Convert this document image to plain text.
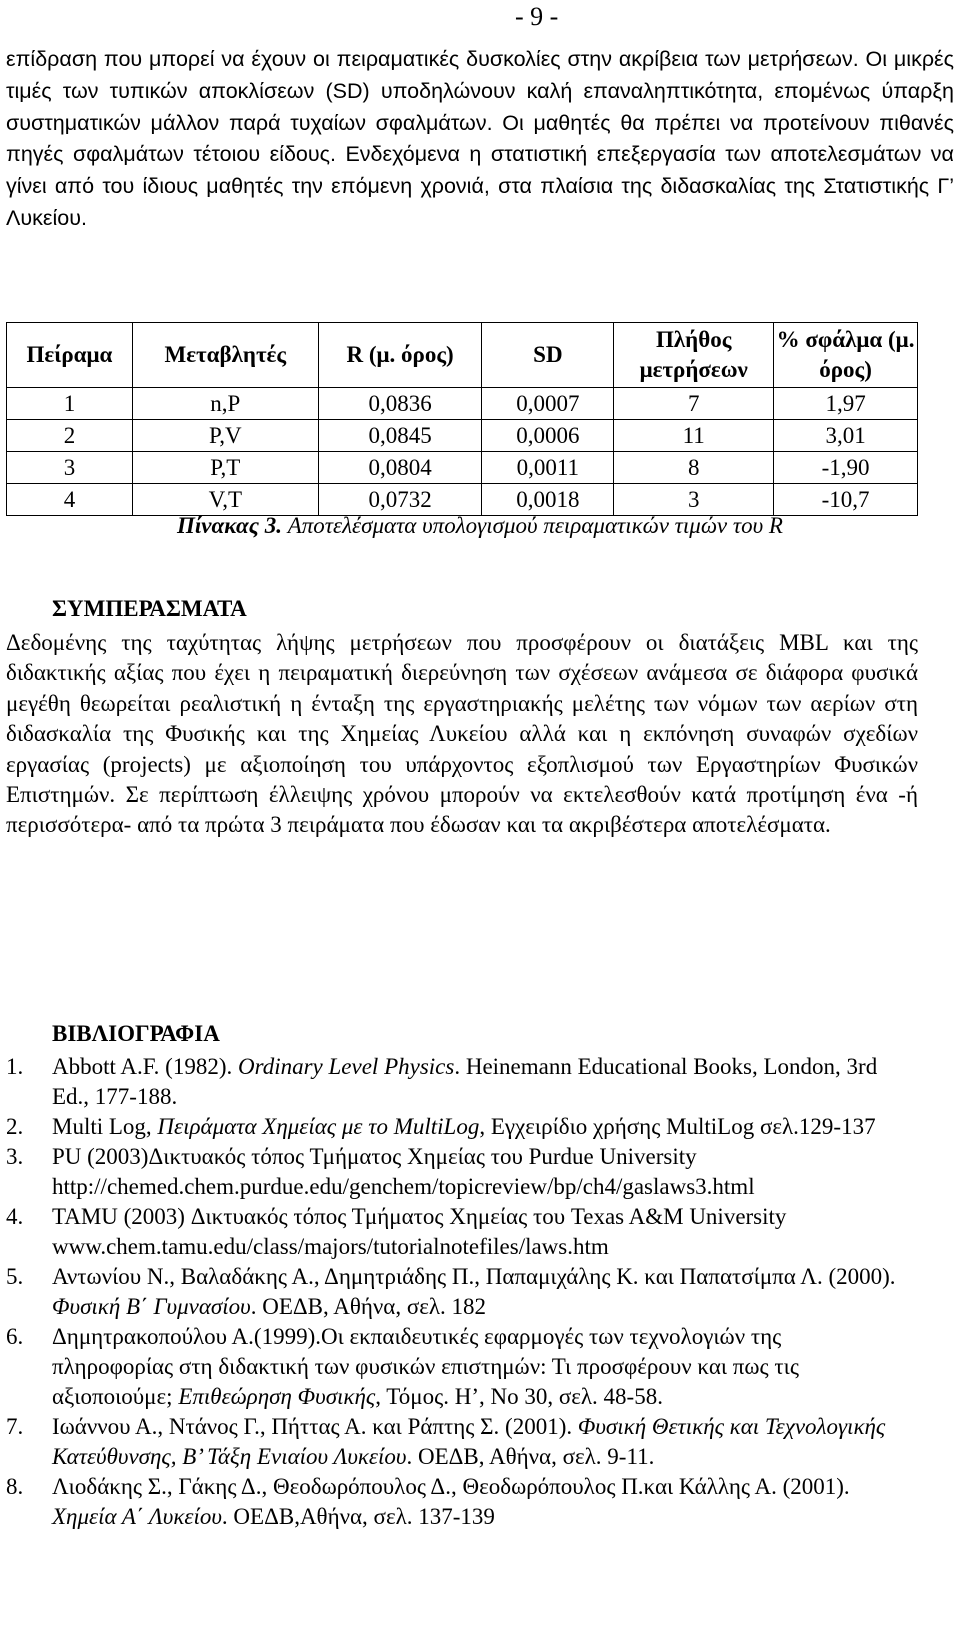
- 9 -

επίδραση που μπορεί να έχουν οι πειραματικές δυσκολίες στην ακρίβεια των μετρήσεων. Οι μικρές τιμές των τυπικών αποκλίσεων (SD) υποδηλώνουν καλή επαναληπτικότητα, επομένως ύπαρξη συστηματικών μάλλον παρά τυχαίων σφαλμάτων. Οι μαθητές θα πρέπει να προτείνουν πιθανές πηγές σφαλμάτων τέτοιου είδους. Ενδεχόμενα η στατιστική επεξεργασία των αποτελεσμάτων να γίνει από του ίδιους μαθητές την επόμενη χρονιά, στα πλαίσια της διδασκαλίας της Στατιστικής Γ’ Λυκείου.

Πείραμα	Μεταβλητές	R (μ. όρος)	SD	Πλήθος μετρήσεων	% σφάλμα (μ. όρος)
1	n,P	0,0836	0,0007	7	1,97
2	P,V	0,0845	0,0006	11	3,01
3	P,T	0,0804	0,0011	8	-1,90
4	V,T	0,0732	0,0018	3	-10,7
Πίνακας 3. Αποτελέσματα υπολογισμού πειραματικών τιμών του R
ΣΥΜΠΕΡΑΣΜΑΤΑ

Δεδομένης της ταχύτητας λήψης μετρήσεων που προσφέρουν οι διατάξεις MBL και της διδακτικής αξίας που έχει η πειραματική διερεύνηση των σχέσεων ανάμεσα σε διάφορα φυσικά μεγέθη θεωρείται ρεαλιστική η ένταξη της εργαστηριακής μελέτης των νόμων των αερίων στη διδασκαλία της Φυσικής και της Χημείας Λυκείου αλλά και η εκπόνηση συναφών σχεδίων εργασίας (projects) με αξιοποίηση του υπάρχοντος εξοπλισμού των Εργαστηρίων Φυσικών Επιστημών. Σε περίπτωση έλλειψης χρόνου μπορούν να εκτελεσθούν κατά προτίμηση ένα -ή περισσότερα- από τα πρώτα 3 πειράματα που έδωσαν και τα ακριβέστερα αποτελέσματα.

ΒΙΒΛΙΟΓΡΑΦΙΑ
1.	Abbott A.F. (1982). Ordinary Level Physics. Heinemann Educational Books, London, 3rd Ed., 177-188.
2.	Multi Log, Πειράματα Χημείας με το MultiLog, Εγχειρίδιο χρήσης MultiLog σελ.129-137
3.	PU (2003)Δικτυακός τόπος Τμήματος Χημείας του Purdue University http://chemed.chem.purdue.edu/genchem/topicreview/bp/ch4/gaslaws3.html
4.	TAMU (2003) Δικτυακός τόπος Τμήματος Χημείας του Texas A&M University www.chem.tamu.edu/class/majors/tutorialnotefiles/laws.htm
5.	Αντωνίου Ν., Βαλαδάκης Α., Δημητριάδης Π., Παπαμιχάλης Κ. και Παπατσίμπα Λ. (2000). Φυσική Β΄ Γυμνασίου. ΟΕΔΒ, Αθήνα, σελ. 182
6.	Δημητρακοπούλου Α.(1999).Οι εκπαιδευτικές εφαρμογές των τεχνολογιών της πληροφορίας στη διδακτική των φυσικών επιστημών: Τι προσφέρουν και πως τις αξιοποιούμε; Επιθεώρηση Φυσικής, Τόμος. Η’, Νο 30, σελ. 48-58.
7.	Ιωάννου Α., Ντάνος Γ., Πήττας Α. και Ράπτης Σ. (2001). Φυσική Θετικής και Τεχνολογικής Κατεύθυνσης, Β’ Τάξη Ενιαίου Λυκείου. ΟΕΔΒ, Αθήνα, σελ. 9-11.
8.	Λιοδάκης Σ., Γάκης Δ., Θεοδωρόπουλος Δ., Θεοδωρόπουλος Π.και Κάλλης Α. (2001). Χημεία Α΄ Λυκείου. ΟΕΔΒ,Αθήνα, σελ. 137-139
